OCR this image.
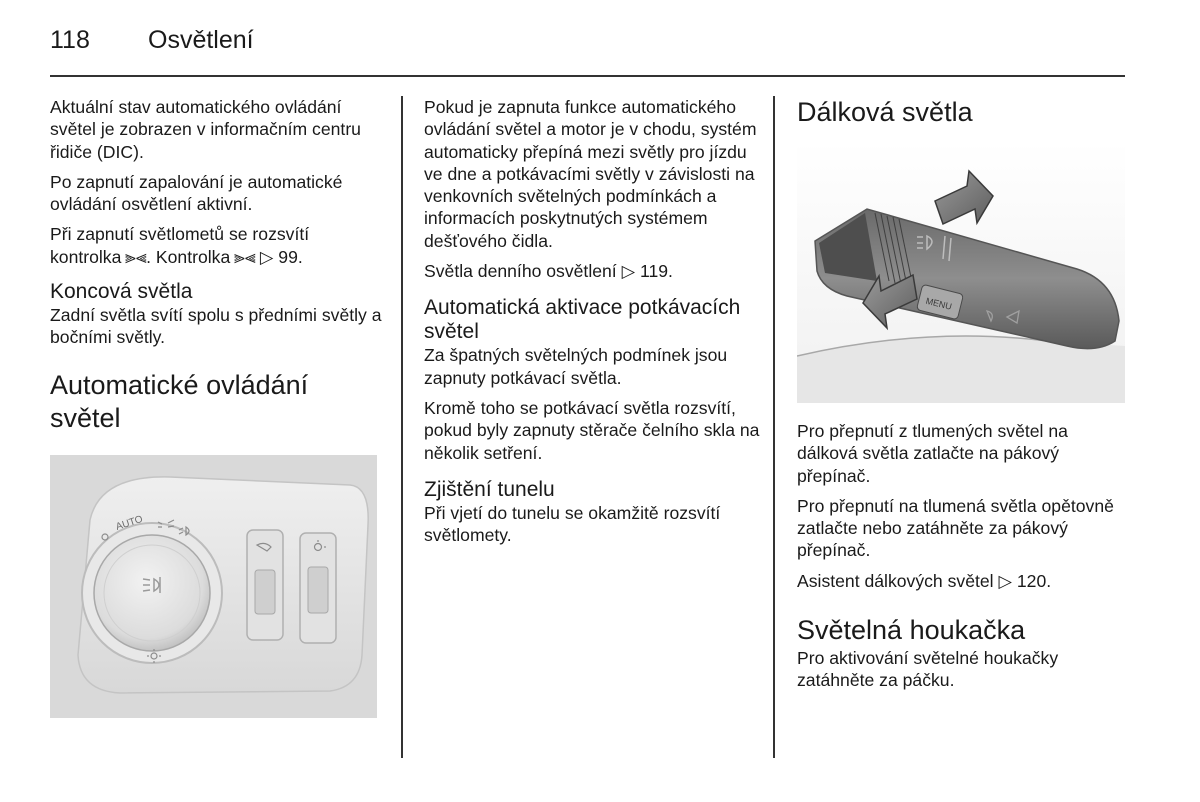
118 Osvětlení

Aktuální stav automatického ovládání světel je zobrazen v informačním centru řidiče (DIC).

Po zapnutí zapalování je automatické ovládání osvětlení aktivní.

Při zapnutí světlometů se rozsvítí kontrolka ⫸⫷. Kontrolka ⫸⫷ ▷ 99.

Koncová světla

Zadní světla svítí spolu s předními světly a bočními světly.

Automatické ovládání světel
AUTO

Pokud je zapnuta funkce automatického ovládání světel a motor je v chodu, systém automaticky přepíná mezi světly pro jízdu ve dne a potkávacími světly v závislosti na venkovních světelných podmínkách a informacích poskytnutých systémem dešťového čidla.

Světla denního osvětlení ▷ 119.

Automatická aktivace potkávacích světel

Za špatných světelných podmínek jsou zapnuty potkávací světla.

Kromě toho se potkávací světla rozsvítí, pokud byly zapnuty stěrače čelního skla na několik setření.

Zjištění tunelu

Při vjetí do tunelu se okamžitě rozsvítí světlomety.

Dálková světla
MENU

Pro přepnutí z tlumených světel na dálková světla zatlačte na pákový přepínač.

Pro přepnutí na tlumená světla opětovně zatlačte nebo zatáhněte za pákový přepínač.

Asistent dálkových světel ▷ 120.

Světelná houkačka

Pro aktivování světelné houkačky zatáhněte za páčku.
